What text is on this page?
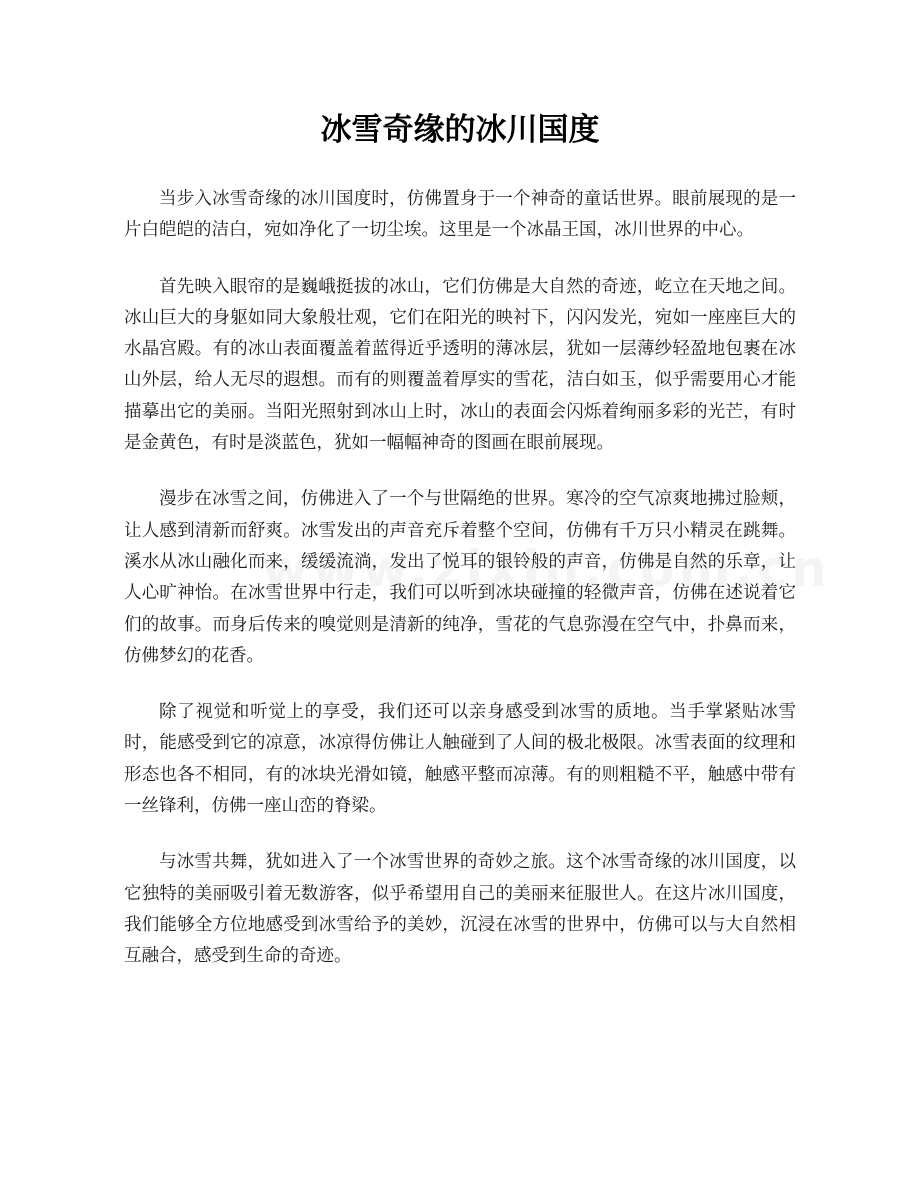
冰雪奇缘的冰川国度

当步入冰雪奇缘的冰川国度时，仿佛置身于一个神奇的童话世界。眼前展现的是一片白皑皑的洁白，宛如净化了一切尘埃。这里是一个冰晶王国，冰川世界的中心。

首先映入眼帘的是巍峨挺拔的冰山，它们仿佛是大自然的奇迹，屹立在天地之间。冰山巨大的身躯如同大象般壮观，它们在阳光的映衬下，闪闪发光，宛如一座座巨大的水晶宫殿。有的冰山表面覆盖着蓝得近乎透明的薄冰层，犹如一层薄纱轻盈地包裹在冰山外层，给人无尽的遐想。而有的则覆盖着厚实的雪花，洁白如玉，似乎需要用心才能描摹出它的美丽。当阳光照射到冰山上时，冰山的表面会闪烁着绚丽多彩的光芒，有时是金黄色，有时是淡蓝色，犹如一幅幅神奇的图画在眼前展现。

漫步在冰雪之间，仿佛进入了一个与世隔绝的世界。寒冷的空气凉爽地拂过脸颊，让人感到清新而舒爽。冰雪发出的声音充斥着整个空间，仿佛有千万只小精灵在跳舞。溪水从冰山融化而来，缓缓流淌，发出了悦耳的银铃般的声音，仿佛是自然的乐章，让人心旷神怡。在冰雪世界中行走，我们可以听到冰块碰撞的轻微声音，仿佛在述说着它们的故事。而身后传来的嗅觉则是清新的纯净，雪花的气息弥漫在空气中，扑鼻而来，仿佛梦幻的花香。

除了视觉和听觉上的享受，我们还可以亲身感受到冰雪的质地。当手掌紧贴冰雪时，能感受到它的凉意，冰凉得仿佛让人触碰到了人间的极北极限。冰雪表面的纹理和形态也各不相同，有的冰块光滑如镜，触感平整而凉薄。有的则粗糙不平，触感中带有一丝锋利，仿佛一座山峦的脊梁。

与冰雪共舞，犹如进入了一个冰雪世界的奇妙之旅。这个冰雪奇缘的冰川国度，以它独特的美丽吸引着无数游客，似乎希望用自己的美丽来征服世人。在这片冰川国度，我们能够全方位地感受到冰雪给予的美妙，沉浸在冰雪的世界中，仿佛可以与大自然相互融合，感受到生命的奇迹。
